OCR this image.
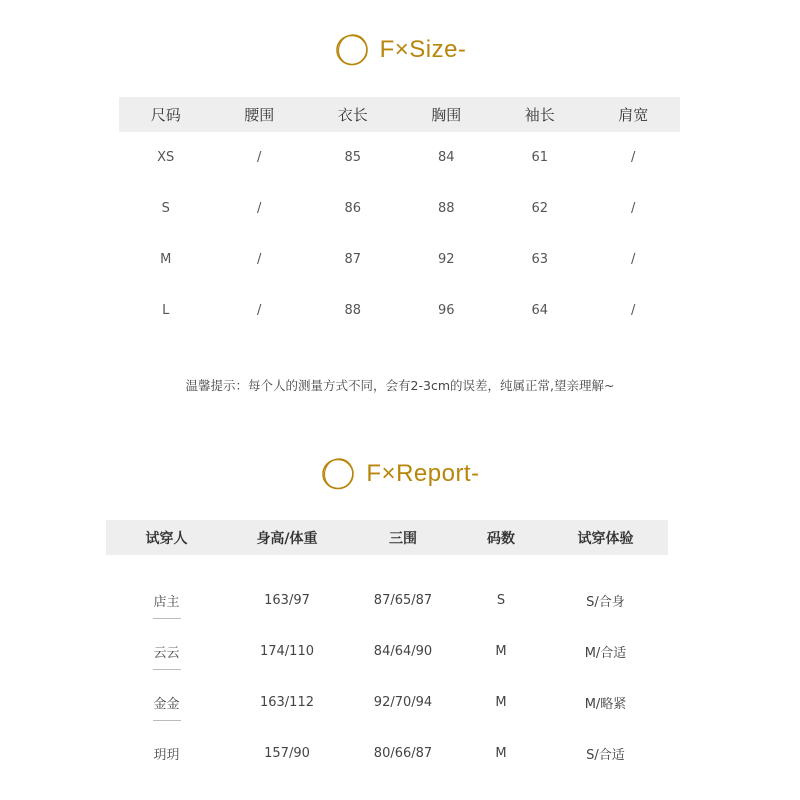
F×Size-
尺码	腰围	衣长	胸围	袖长	肩宽
XS	/	85	84	61	/
S	/	86	88	62	/
M	/	87	92	63	/
L	/	88	96	64	/
温馨提示：每个人的测量方式不同，会有2-3cm的误差，纯属正常,望亲理解~
F×Report-
试穿人	身高/体重	三围	码数	试穿体验
店主	163/97	87/65/87	S	S/合身
云云	174/110	84/64/90	M	M/合适
金金	163/112	92/70/94	M	M/略紧
玥玥	157/90	80/66/87	M	S/合适
